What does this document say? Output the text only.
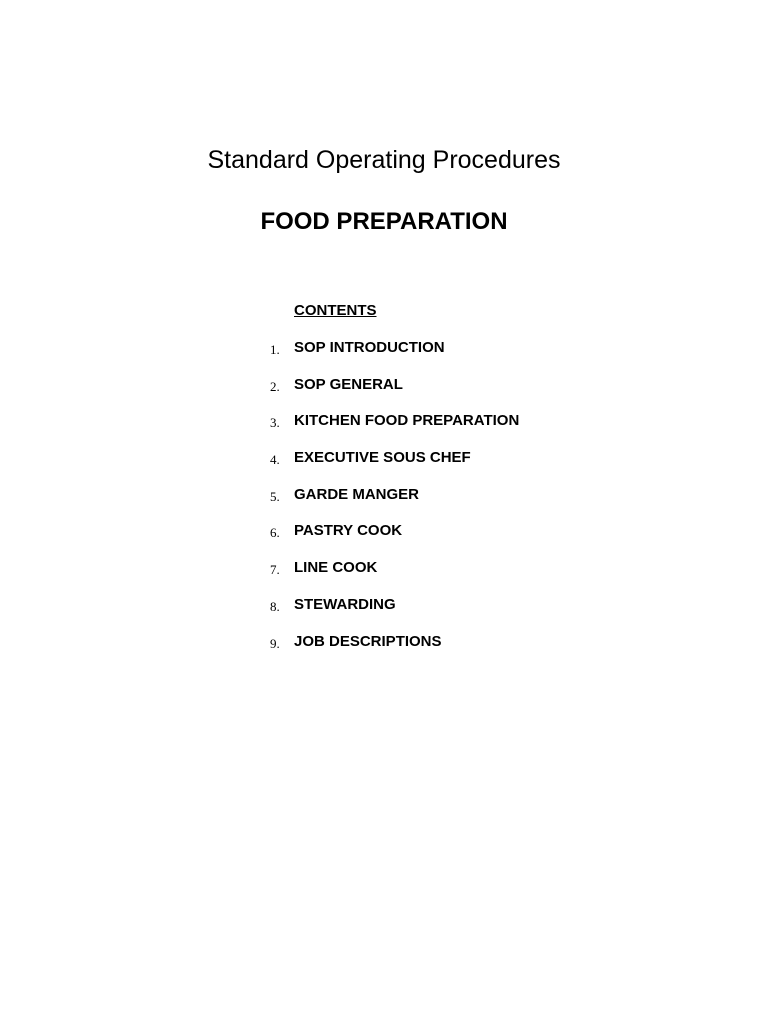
Standard Operating Procedures
FOOD PREPARATION
CONTENTS
1. SOP INTRODUCTION
2. SOP GENERAL
3. KITCHEN FOOD PREPARATION
4. EXECUTIVE SOUS CHEF
5. GARDE MANGER
6. PASTRY COOK
7. LINE COOK
8. STEWARDING
9. JOB DESCRIPTIONS
